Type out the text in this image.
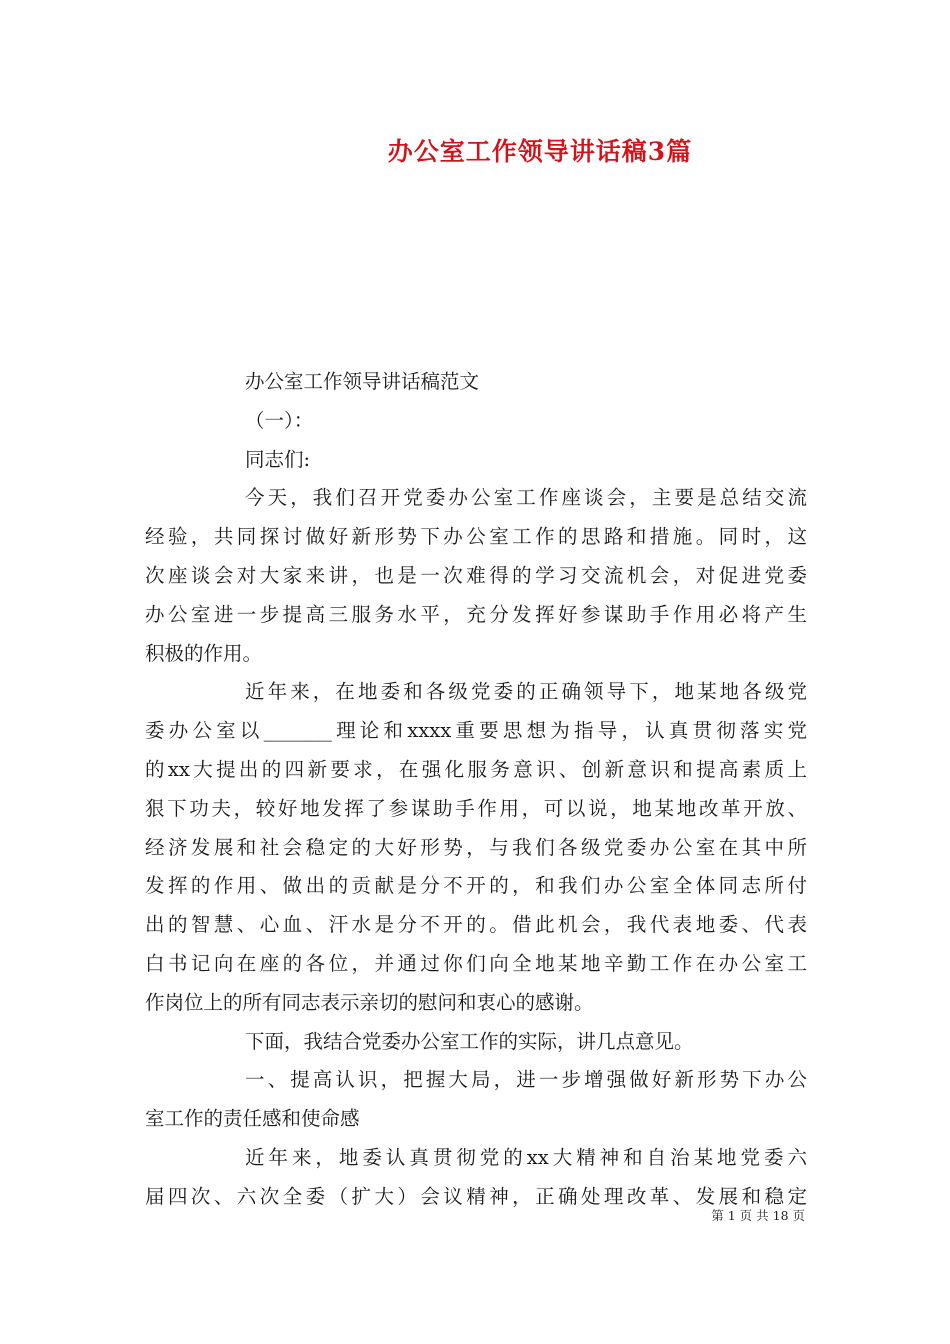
办公室工作领导讲话稿3篇
办公室工作领导讲话稿范文
（一）：
同志们:
今天，我们召开党委办公室工作座谈会，主要是总结交流
经验，共同探讨做好新形势下办公室工作的思路和措施。同时，这
次座谈会对大家来讲，也是一次难得的学习交流机会，对促进党委
办公室进一步提高三服务水平，充分发挥好参谋助手作用必将产生
积极的作用。
近年来，在地委和各级党委的正确领导下，地某地各级党
委办公室以_______理论和xxxx重要思想为指导，认真贯彻落实党
的xx大提出的四新要求，在强化服务意识、创新意识和提高素质上
狠下功夫，较好地发挥了参谋助手作用，可以说，地某地改革开放、
经济发展和社会稳定的大好形势，与我们各级党委办公室在其中所
发挥的作用、做出的贡献是分不开的，和我们办公室全体同志所付
出的智慧、心血、汗水是分不开的。借此机会，我代表地委、代表
白书记向在座的各位，并通过你们向全地某地辛勤工作在办公室工
作岗位上的所有同志表示亲切的慰问和衷心的感谢。
下面，我结合党委办公室工作的实际，讲几点意见。
一、提高认识，把握大局，进一步增强做好新形势下办公
室工作的责任感和使命感
近年来，地委认真贯彻党的xx大精神和自治某地党委六
届四次、六次全委（扩大）会议精神，正确处理改革、发展和稳定
第 1 页 共 18 页
